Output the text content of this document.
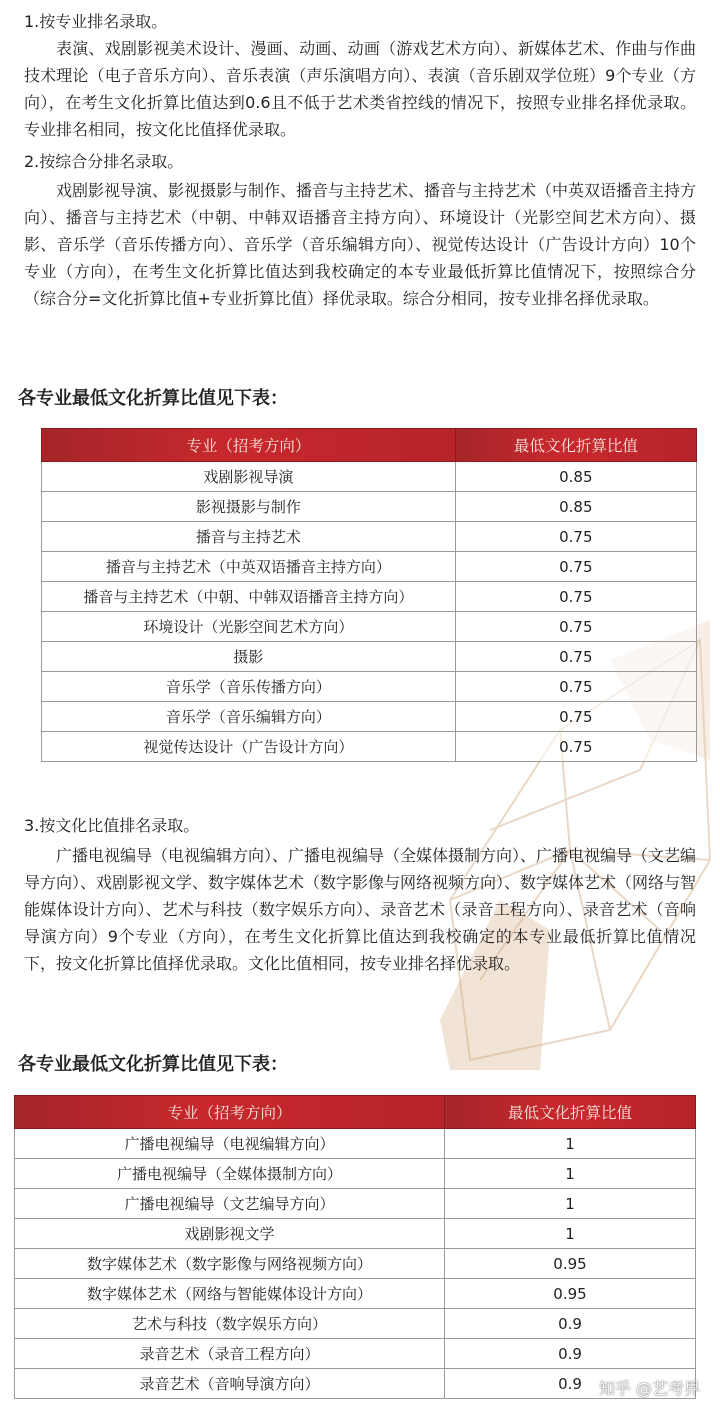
1.按专业排名录取。

表演、戏剧影视美术设计、漫画、动画、动画（游戏艺术方向）、新媒体艺术、作曲与作曲技术理论（电子音乐方向）、音乐表演（声乐演唱方向）、表演（音乐剧双学位班）9个专业（方向），在考生文化折算比值达到0.6且不低于艺术类省控线的情况下，按照专业排名择优录取。专业排名相同，按文化比值择优录取。

2.按综合分排名录取。

戏剧影视导演、影视摄影与制作、播音与主持艺术、播音与主持艺术（中英双语播音主持方向）、播音与主持艺术（中朝、中韩双语播音主持方向）、环境设计（光影空间艺术方向）、摄影、音乐学（音乐传播方向）、音乐学（音乐编辑方向）、视觉传达设计（广告设计方向）10个专业（方向），在考生文化折算比值达到我校确定的本专业最低折算比值情况下，按照综合分（综合分=文化折算比值+专业折算比值）择优录取。综合分相同，按专业排名择优录取。

各专业最低文化折算比值见下表：

专业（招考方向）	最低文化折算比值
戏剧影视导演	0.85
影视摄影与制作	0.85
播音与主持艺术	0.75
播音与主持艺术（中英双语播音主持方向）	0.75
播音与主持艺术（中朝、中韩双语播音主持方向）	0.75
环境设计（光影空间艺术方向）	0.75
摄影	0.75
音乐学（音乐传播方向）	0.75
音乐学（音乐编辑方向）	0.75
视觉传达设计（广告设计方向）	0.75

3.按文化比值排名录取。

广播电视编导（电视编辑方向）、广播电视编导（全媒体摄制方向）、广播电视编导（文艺编导方向）、戏剧影视文学、数字媒体艺术（数字影像与网络视频方向）、数字媒体艺术（网络与智能媒体设计方向）、艺术与科技（数字娱乐方向）、录音艺术（录音工程方向）、录音艺术（音响导演方向）9个专业（方向），在考生文化折算比值达到我校确定的本专业最低折算比值情况下，按文化折算比值择优录取。文化比值相同，按专业排名择优录取。

各专业最低文化折算比值见下表：

专业（招考方向）	最低文化折算比值
广播电视编导（电视编辑方向）	1
广播电视编导（全媒体摄制方向）	1
广播电视编导（文艺编导方向）	1
戏剧影视文学	1
数字媒体艺术（数字影像与网络视频方向）	0.95
数字媒体艺术（网络与智能媒体设计方向）	0.95
艺术与科技（数字娱乐方向）	0.9
录音艺术（录音工程方向）	0.9
录音艺术（音响导演方向）	0.9 知乎 @艺考界
